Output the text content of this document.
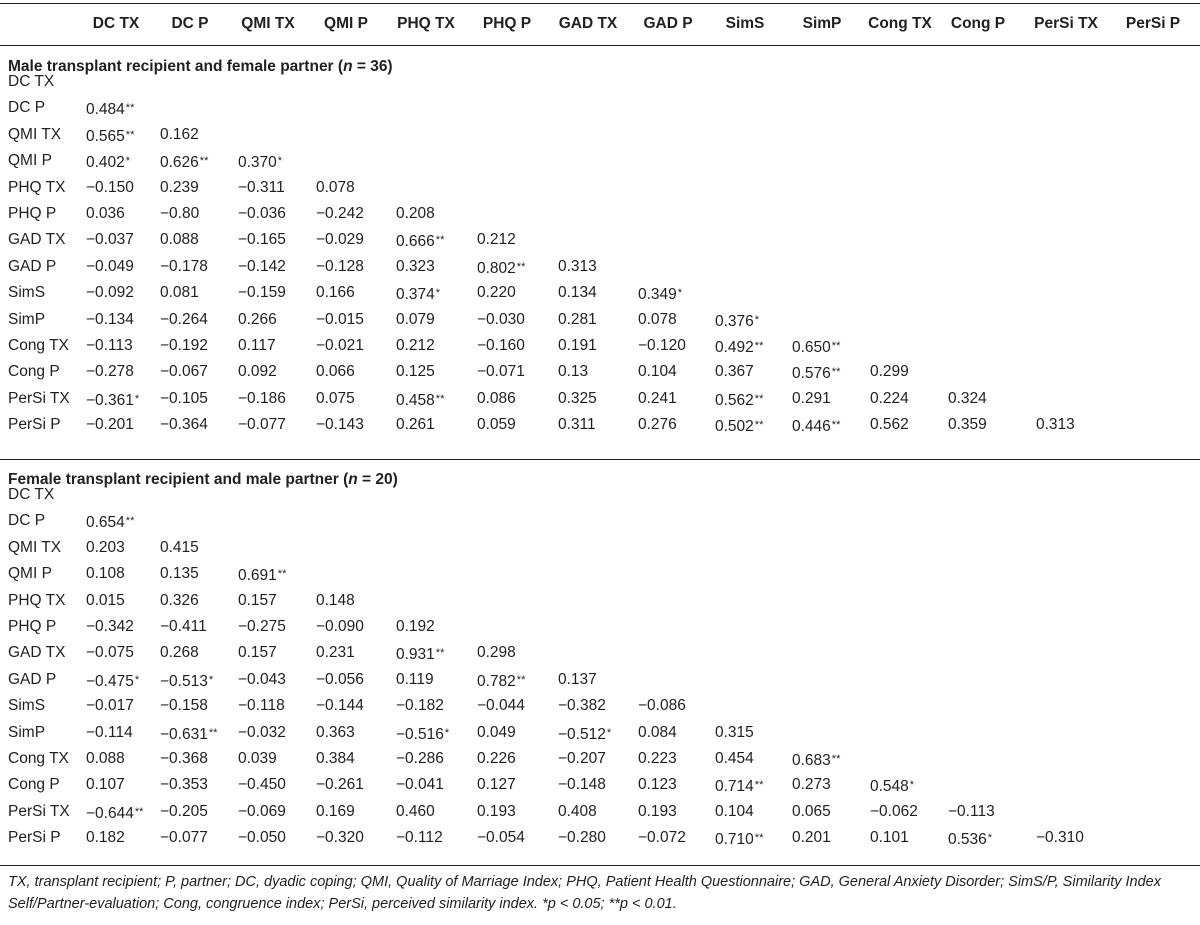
DC TX	DC P	QMI TX	QMI P	PHQ TX	PHQ P	GAD TX	GAD P	SimS	SimP	Cong TX	Cong P	PerSi TX	PerSi P
Male transplant recipient and female partner (n = 36)
DC TX
DC P	0.484**
QMI TX 0.565** 0.162
QMI P 0.402* 0.626** 0.370*
PHQ TX −0.150 0.239	−0.311 0.078
PHQ P 0.036 −0.80	−0.036 −0.242 0.208
GAD TX −0.037 0.088	−0.165 −0.029 0.666** 0.212
GAD P −0.049 −0.178 −0.142 −0.128 0.323	0.802** 0.313
SimS	−0.092 0.081	−0.159 0.166	0.374* 0.220	0.134	0.349*
SimP	−0.134 −0.264 0.266	−0.015 0.079	−0.030 0.281	0.078 0.376*
Cong TX −0.113 −0.192 0.117	−0.021 0.212	−0.160 0.191	−0.120 0.492** 0.650**
Cong P −0.278 −0.067 0.092	0.066	0.125	−0.071 0.13	0.104 0.367 0.576** 0.299
PerSi TX −0.361* −0.105 −0.186 0.075	0.458** 0.086	0.325	0.241 0.562** 0.291	0.224	0.324
PerSi P −0.201 −0.364 −0.077 −0.143 0.261	0.059	0.311	0.276 0.502** 0.446** 0.562	0.359	0.313
Female transplant recipient and male partner (n = 20)
DC TX
DC P	0.654**
QMI TX 0.203 0.415
QMI P 0.108 0.135	0.691**
PHQ TX 0.015 0.326	0.157	0.148
PHQ P −0.342 −0.411 −0.275 −0.090 0.192
GAD TX −0.075 0.268	0.157	0.231	0.931** 0.298
GAD P −0.475* −0.513* −0.043 −0.056 0.119	0.782** 0.137
SimS	−0.017 −0.158 −0.118 −0.144 −0.182 −0.044 −0.382 −0.086
SimP	−0.114 −0.631** −0.032 0.363	−0.516* 0.049	−0.512* 0.084 0.315
Cong TX 0.088 −0.368 0.039	0.384	−0.286 0.226	−0.207 0.223 0.454 0.683**
Cong P 0.107 −0.353 −0.450 −0.261 −0.041 0.127	−0.148 0.123 0.714** 0.273	0.548*
PerSi TX −0.644** −0.205 −0.069 0.169	0.460	0.193	0.408	0.193 0.104 0.065	−0.062 −0.113
PerSi P 0.182 −0.077 −0.050 −0.320 −0.112 −0.054 −0.280 −0.072 0.710** 0.201	0.101	0.536*	−0.310
TX, transplant recipient; P, partner; DC, dyadic coping; QMI, Quality of Marriage Index; PHQ, Patient Health Questionnaire; GAD, General Anxiety Disorder; SimS/P, Similarity Index Self/Partner-evaluation; Cong, congruence index; PerSi, perceived similarity index. *p < 0.05; **p < 0.01.
